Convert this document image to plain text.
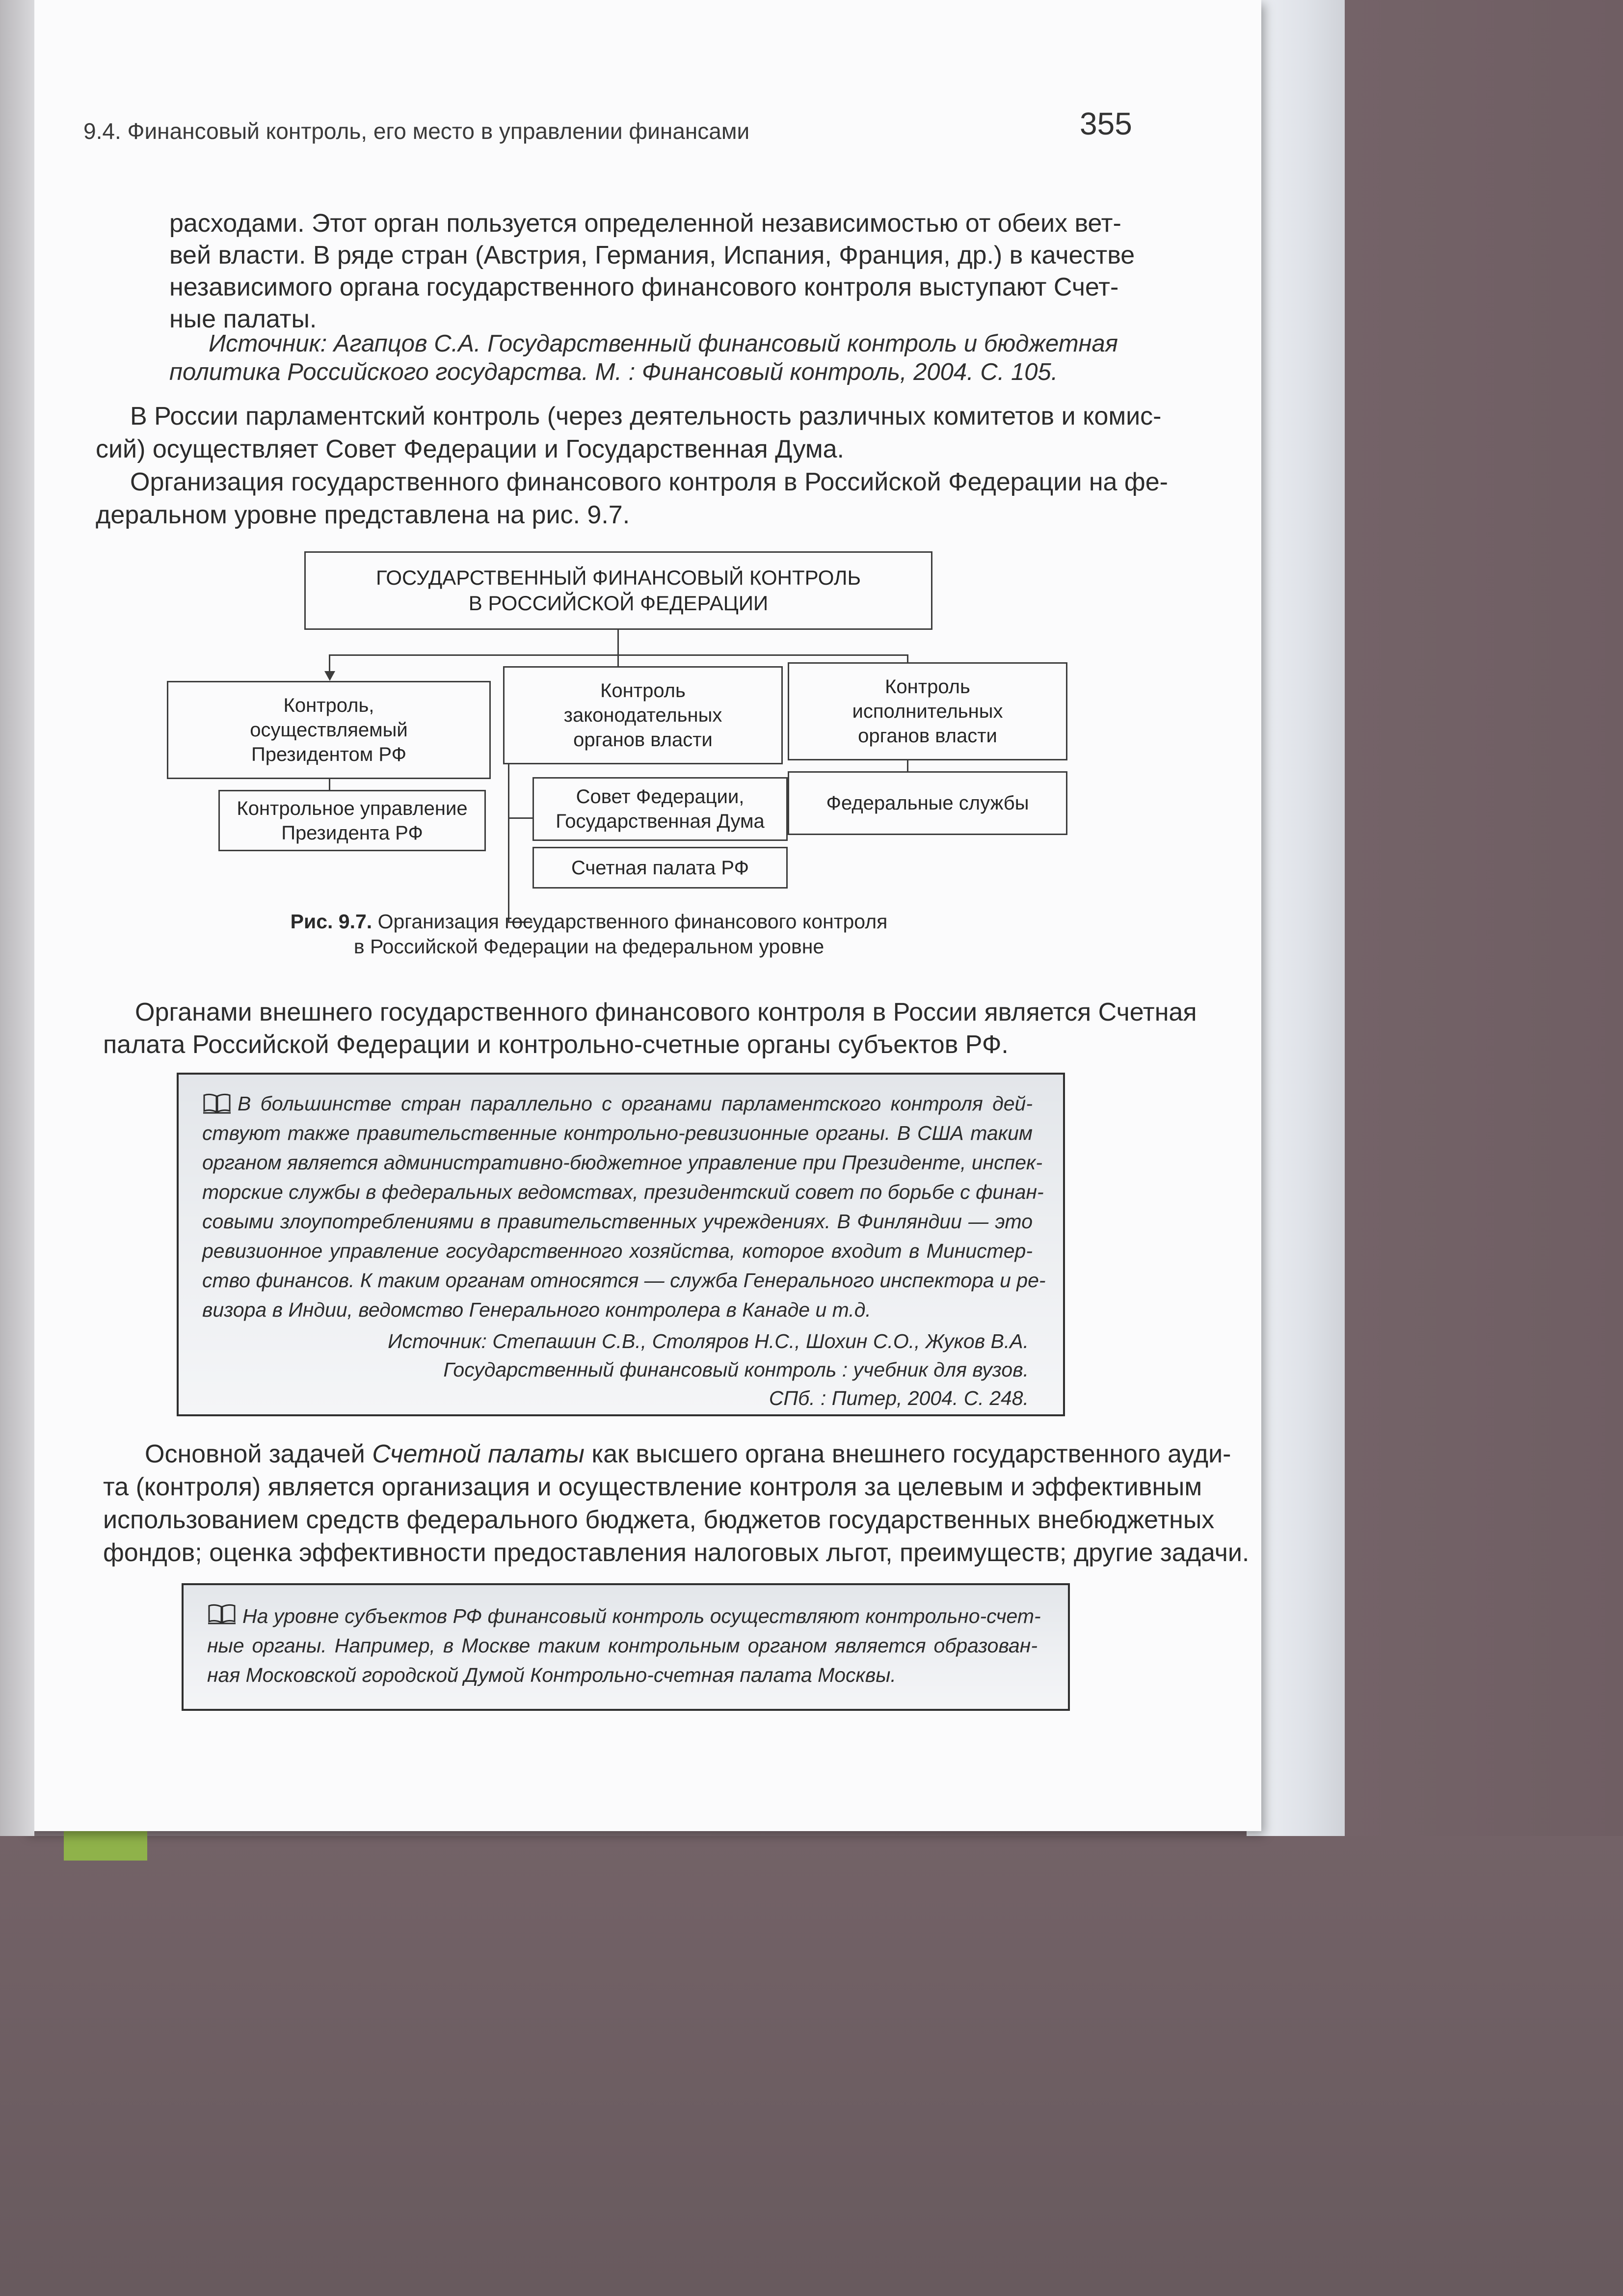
9.4. Финансовый контроль, его место в управлении финансами	355
расходами. Этот орган пользуется определенной независимостью от обеих вет-
вей власти. В ряде стран (Австрия, Германия, Испания, Франция, др.) в качестве
независимого органа государственного финансового контроля выступают Счет-
ные палаты.
Источник: Агапцов С.А. Государственный финансовый контроль и бюджетная
политика Российского государства. М. : Финансовый контроль, 2004. С. 105.
В России парламентский контроль (через деятельность различных комитетов и комис-
сий) осуществляет Совет Федерации и Государственная Дума.
Организация государственного финансового контроля в Российской Федерации на фе-
деральном уровне представлена на рис. 9.7.
ГОСУДАРСТВЕННЫЙ ФИНАНСОВЫЙ КОНТРОЛЬ
В РОССИЙСКОЙ ФЕДЕРАЦИИ
Контроль,
осуществляемый
Президентом РФ
Контроль
законодательных
органов власти
Контроль
исполнительных
органов власти
Контрольное управление
Президента РФ
Совет Федерации,
Государственная Дума
Счетная палата РФ
Федеральные службы
Рис. 9.7. Организация государственного финансового контроля
в Российской Федерации на федеральном уровне
Органами внешнего государственного финансового контроля в России является Счетная
палата Российской Федерации и контрольно-счетные органы субъектов РФ.
В большинстве стран параллельно с органами парламентского контроля дей-
ствуют также правительственные контрольно-ревизионные органы. В США таким
органом является административно-бюджетное управление при Президенте, инспек-
торские службы в федеральных ведомствах, президентский совет по борьбе с финан-
совыми злоупотреблениями в правительственных учреждениях. В Финляндии — это
ревизионное управление государственного хозяйства, которое входит в Министер-
ство финансов. К таким органам относятся — служба Генерального инспектора и ре-
визора в Индии, ведомство Генерального контролера в Канаде и т.д.
Источник: Степашин С.В., Столяров Н.С., Шохин С.О., Жуков В.А.
Государственный финансовый контроль : учебник для вузов.
СПб. : Питер, 2004. С. 248.
Основной задачей Счетной палаты как высшего органа внешнего государственного ауди-
та (контроля) является организация и осуществление контроля за целевым и эффективным
использованием средств федерального бюджета, бюджетов государственных внебюджетных
фондов; оценка эффективности предоставления налоговых льгот, преимуществ; другие задачи.
На уровне субъектов РФ финансовый контроль осуществляют контрольно-счет-
ные органы. Например, в Москве таким контрольным органом является образован-
ная Московской городской Думой Контрольно-счетная палата Москвы.
